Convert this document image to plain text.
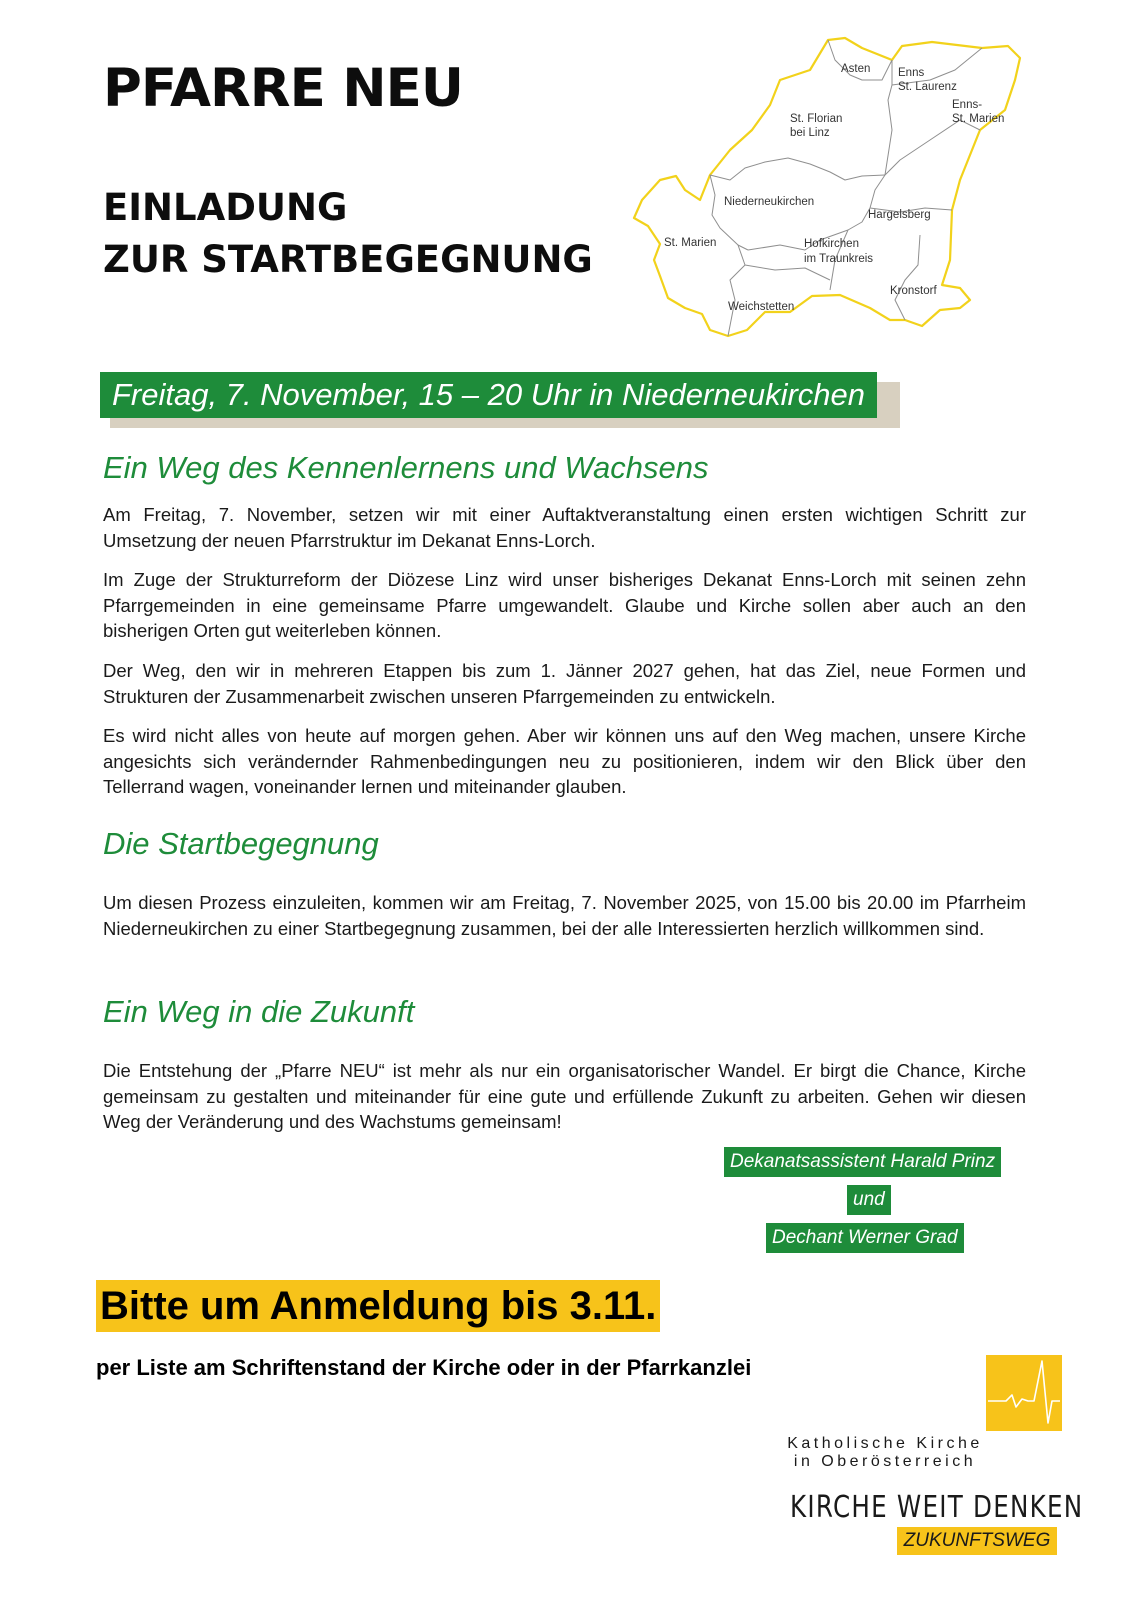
PFARRE NEU
EINLADUNG
ZUR STARTBEGEGNUNG
Asten Enns
St. Laurenz
Enns-
St. Marien
St. Florian
bei Linz
Niederneukirchen
Hargelsberg
St. Marien	Hofkirchen
im Traunkreis
Kronstorf
Weichstetten
Freitag, 7. November, 15 – 20 Uhr in Niederneukirchen
Ein Weg des Kennenlernens und Wachsens

Am Freitag, 7. November, setzen wir mit einer Auftaktveranstaltung einen ersten wichtigen Schritt zur Umsetzung der neuen Pfarrstruktur im Dekanat Enns-Lorch.

Im Zuge der Strukturreform der Diözese Linz wird unser bisheriges Dekanat Enns-Lorch mit seinen zehn Pfarrgemeinden in eine gemeinsame Pfarre umgewandelt. Glaube und Kirche sollen aber auch an den bisherigen Orten gut weiterleben können.

Der Weg, den wir in mehreren Etappen bis zum 1. Jänner 2027 gehen, hat das Ziel, neue Formen und Strukturen der Zusammenarbeit zwischen unseren Pfarrgemeinden zu entwickeln.

Es wird nicht alles von heute auf morgen gehen. Aber wir können uns auf den Weg machen, unsere Kirche angesichts sich verändernder Rahmenbedingungen neu zu positionieren, indem wir den Blick über den Tellerrand wagen, voneinander lernen und miteinander glauben.

Die Startbegegnung

Um diesen Prozess einzuleiten, kommen wir am Freitag, 7. November 2025, von 15.00 bis 20.00 im Pfarrheim Niederneukirchen zu einer Startbegegnung zusammen, bei der alle Interessierten herzlich willkommen sind.

Ein Weg in die Zukunft

Die Entstehung der „Pfarre NEU“ ist mehr als nur ein organisatorischer Wandel. Er birgt die Chance, Kirche gemeinsam zu gestalten und miteinander für eine gute und erfüllende Zukunft zu arbeiten. Gehen wir diesen Weg der Veränderung und des Wachstums gemeinsam!

Dekanatsassistent Harald Prinz
und
Dechant Werner Grad
Bitte um Anmeldung bis 3.11.

per Liste am Schriftenstand der Kirche oder in der Pfarrkanzlei

Katholische Kirche
in Oberösterreich
KIRCHE WEIT DENKEN
ZUKUNFTSWEG
